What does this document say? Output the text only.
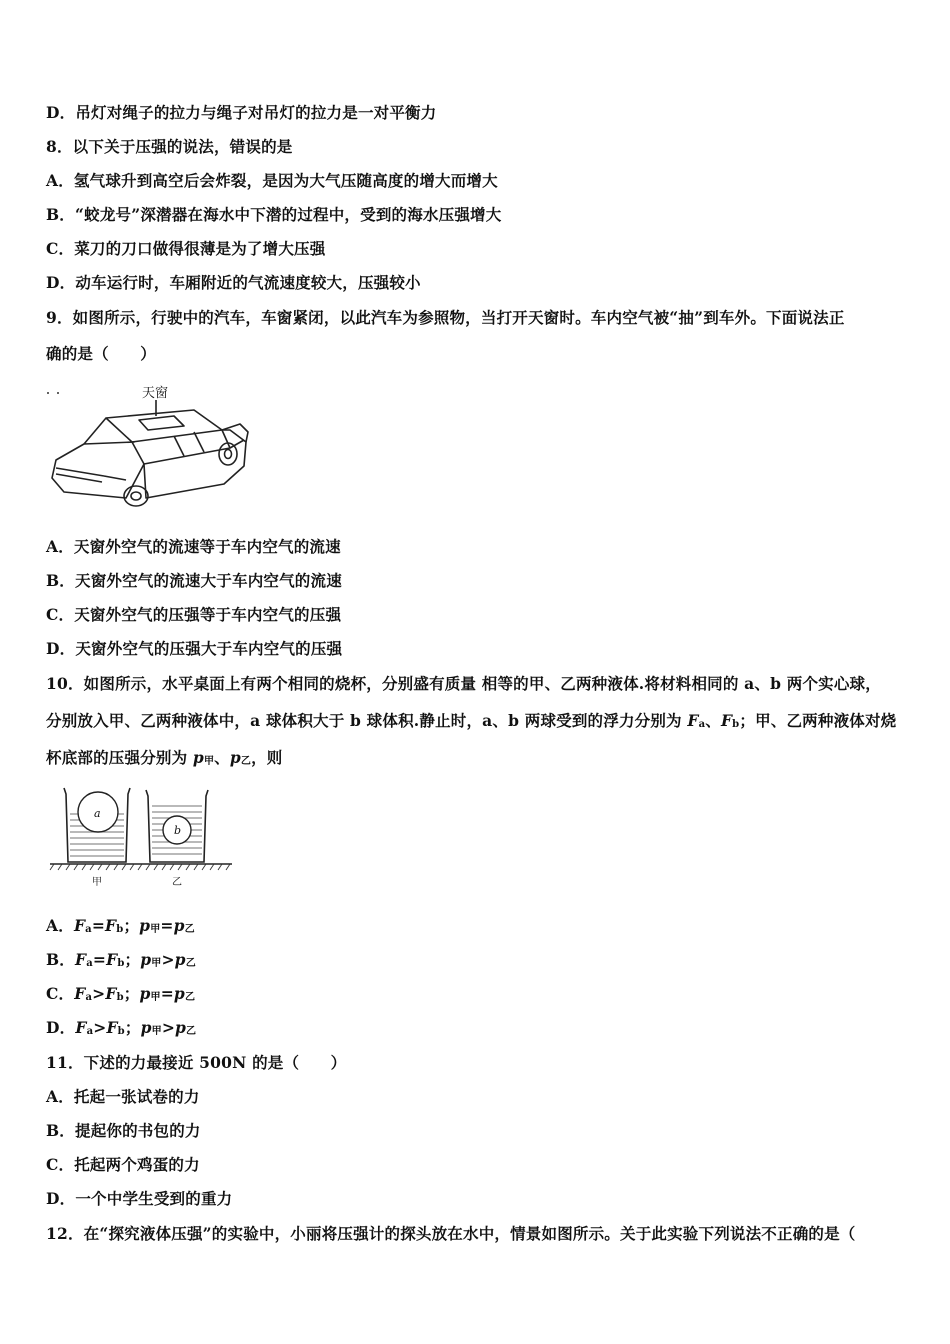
D．吊灯对绳子的拉力与绳子对吊灯的拉力是一对平衡力
8．以下关于压强的说法，错误的是
A．氢气球升到高空后会炸裂，是因为大气压随高度的增大而增大
B．“蛟龙号”深潜器在海水中下潜的过程中，受到的海水压强增大
C．菜刀的刀口做得很薄是为了增大压强
D．动车运行时，车厢附近的气流速度较大，压强较小
9．如图所示，行驶中的汽车，车窗紧闭，以此汽车为参照物，当打开天窗时。车内空气被“抽”到车外。下面说法正
确的是（　　）
天窗
A．天窗外空气的流速等于车内空气的流速
B．天窗外空气的流速大于车内空气的流速
C．天窗外空气的压强等于车内空气的压强
D．天窗外空气的压强大于车内空气的压强
10．如图所示，水平桌面上有两个相同的烧杯，分别盛有质量 相等的甲、乙两种液体.将材料相同的 a、b 两个实心球，
分别放入甲、乙两种液体中，a 球体积大于 b 球体积.静止时，a、b 两球受到的浮力分别为 Fa、Fb；甲、乙两种液体对烧
杯底部的压强分别为 p甲、p乙，则
a
b
甲	乙
A．Fa=Fb；p甲=p乙
B．Fa=Fb；p甲>p乙
C．Fa>Fb；p甲=p乙
D．Fa>Fb；p甲>p乙
11．下述的力最接近 500N 的是（　　）
A．托起一张试卷的力
B．提起你的书包的力
C．托起两个鸡蛋的力
D．一个中学生受到的重力
12．在“探究液体压强”的实验中，小丽将压强计的探头放在水中，情景如图所示。关于此实验下列说法不正确的是（
